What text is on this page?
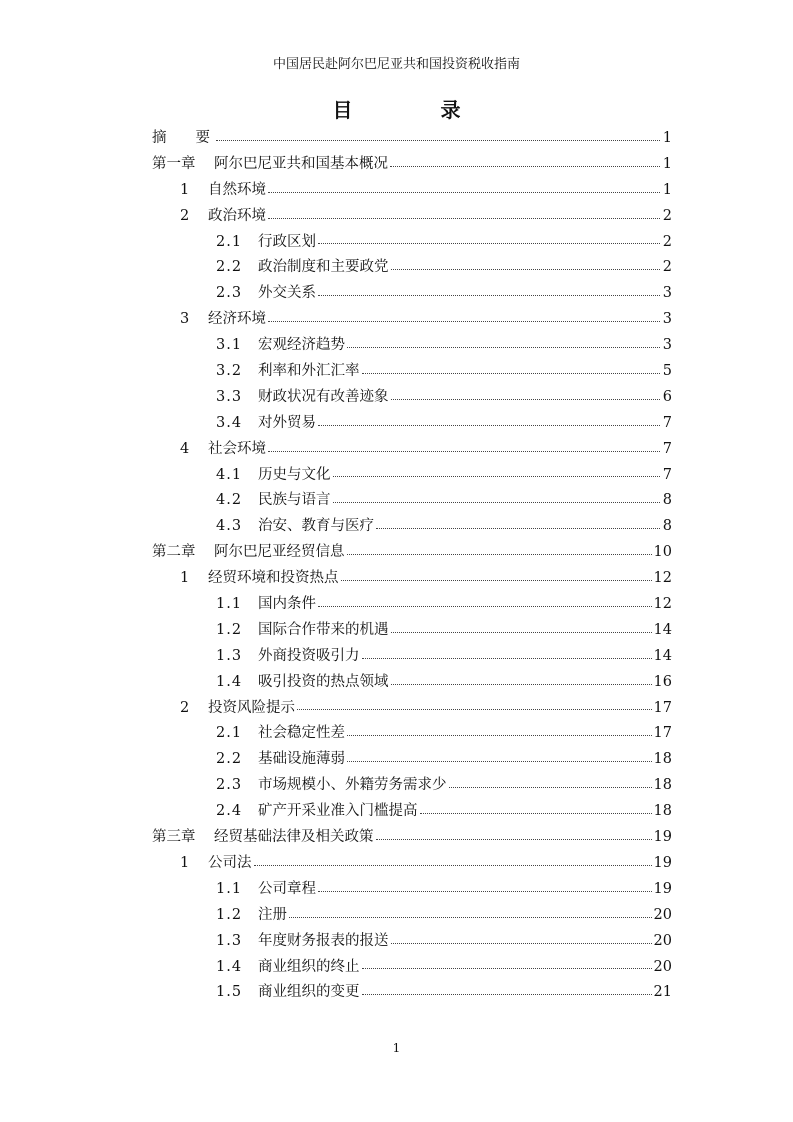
中国居民赴阿尔巴尼亚共和国投资税收指南
目　录
摘　　要	1
第一章	阿尔巴尼亚共和国基本概况	1
1	自然环境	1
2	政治环境	2
2.1	行政区划	2
2.2	政治制度和主要政党	2
2.3	外交关系	3
3	经济环境	3
3.1	宏观经济趋势	3
3.2	利率和外汇汇率	5
3.3	财政状况有改善迹象	6
3.4	对外贸易	7
4	社会环境	7
4.1	历史与文化	7
4.2	民族与语言	8
4.3	治安、教育与医疗	8
第二章	阿尔巴尼亚经贸信息	10
1	经贸环境和投资热点	12
1.1	国内条件	12
1.2	国际合作带来的机遇	14
1.3	外商投资吸引力	14
1.4	吸引投资的热点领域	16
2	投资风险提示	17
2.1	社会稳定性差	17
2.2	基础设施薄弱	18
2.3	市场规模小、外籍劳务需求少	18
2.4	矿产开采业准入门槛提高	18
第三章	经贸基础法律及相关政策	19
1	公司法	19
1.1	公司章程	19
1.2	注册	20
1.3	年度财务报表的报送	20
1.4	商业组织的终止	20
1.5	商业组织的变更	21
1
